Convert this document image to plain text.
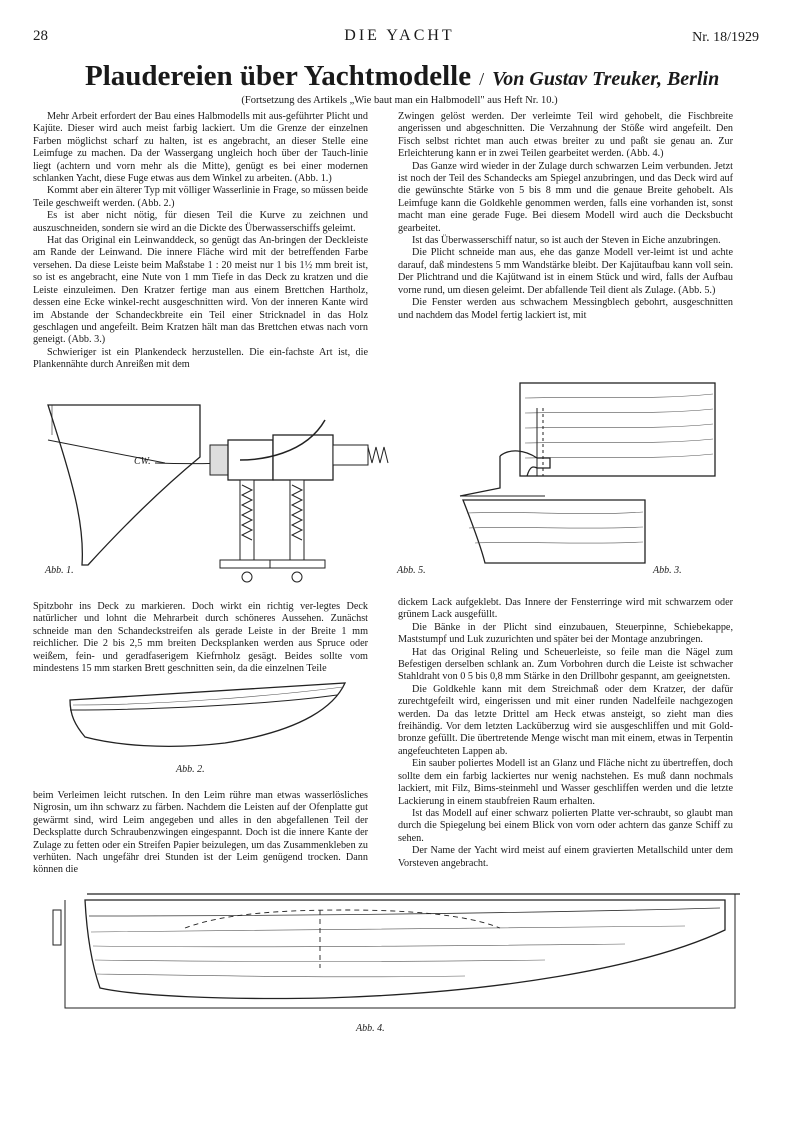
28	DIE YACHT	Nr. 18/1929
Plaudereien über Yachtmodelle / Von Gustav Treuker, Berlin
(Fortsetzung des Artikels „Wie baut man ein Halbmodell" aus Heft Nr. 10.)

Mehr Arbeit erfordert der Bau eines Halbmodells mit aus-geführter Plicht und Kajüte. Dieser wird auch meist farbig lackiert. Um die Grenze der einzelnen Farben möglichst scharf zu halten, ist es angebracht, an dieser Stelle eine Leimfuge zu machen. Da der Wassergang ungleich hoch über der Tauch-linie liegt (achtern und vorn mehr als die Mitte), genügt es bei einer modernen schlanken Yacht, diese Fuge etwas aus dem Winkel zu arbeiten. (Abb. 1.)

Kommt aber ein älterer Typ mit völliger Wasserlinie in Frage, so müssen beide Teile geschweift werden. (Abb. 2.)

Es ist aber nicht nötig, für diesen Teil die Kurve zu zeichnen und auszuschneiden, sondern sie wird an die Dickte des Überwasserschiffs geleimt.

Hat das Original ein Leinwanddeck, so genügt das An-bringen der Deckleiste am Rande der Leinwand. Die innere Fläche wird mit der betreffenden Farbe versehen. Da diese Leiste beim Maßstabe 1 : 20 meist nur 1 bis 1½ mm breit ist, so ist es angebracht, eine Nute von 1 mm Tiefe in das Deck zu kratzen und die Leiste einzuleimen. Den Kratzer fertige man aus einem Brettchen Hartholz, dessen eine Ecke winkel-recht ausgeschnitten wird. Von der inneren Kante wird im Abstande der Schandeckbreite ein Teil einer Stricknadel in das Holz geschlagen und angefeilt. Beim Kratzen hält man das Brettchen etwas nach vorn geneigt. (Abb. 3.)

Schwieriger ist ein Plankendeck herzustellen. Die ein-fachste Art ist, die Plankennähte durch Anreißen mit dem

Zwingen gelöst werden. Der verleimte Teil wird gehobelt, die Fischbreite angerissen und abgeschnitten. Die Verzahnung der Stöße wird angefeilt. Den Fisch selbst richtet man auch etwas breiter zu und paßt sie genau an. Zur Erleichterung kann er in zwei Teilen gearbeitet werden. (Abb. 4.)

Das Ganze wird wieder in der Zulage durch schwarzen Leim verbunden. Jetzt ist noch der Teil des Schandecks am Spiegel anzubringen, und das Deck wird auf die gewünschte Stärke von 5 bis 8 mm und die genaue Breite gehobelt. Als Leimfuge kann die Goldkehle genommen werden, falls eine vorhanden ist, sonst macht man eine gerade Fuge. Bei diesem Modell wird auch die Decksbucht gearbeitet.

Ist das Überwasserschiff natur, so ist auch der Steven in Eiche anzubringen.

Die Plicht schneide man aus, ehe das ganze Modell ver-leimt ist und achte darauf, daß mindestens 5 mm Wandstärke bleibt. Der Kajütaufbau kann voll sein. Der Plichtrand und die Kajütwand ist in einem Stück und wird, falls der Aufbau vorne rund, um diesen geleimt. Der abfallende Teil dient als Zulage. (Abb. 5.)

Die Fenster werden aus schwachem Messingblech gebohrt, ausgeschnitten und nachdem das Model fertig lackiert ist, mit

CW.
Abb. 1.	Abb. 5.	Abb. 3.

Spitzbohr ins Deck zu markieren. Doch wirkt ein richtig ver-legtes Deck natürlicher und lohnt die Mehrarbeit durch schöneres Aussehen. Zunächst schneide man den Schandeckstreifen als gerade Leiste in der Breite 1 mm reichlicher. Die 2 bis 2,5 mm breiten Decksplanken werden aus Spruce oder weißem, fein- und geradfaserigem Kiefrnholz gesägt. Beides sollte vom mindestens 15 mm starken Brett geschnitten sein, da die einzelnen Teile

Abb. 2.

dickem Lack aufgeklebt. Das Innere der Fensterringe wird mit schwarzem oder grünem Lack ausgefüllt.

Die Bänke in der Plicht sind einzubauen, Steuerpinne, Schiebekappe, Maststumpf und Luk zuzurichten und später bei der Montage anzubringen.

Hat das Original Reling und Scheuerleiste, so feile man die Nägel zum Befestigen derselben schlank an. Zum Vorbohren durch die Leiste ist schwacher Stahldraht von 0 5 bis 0,8 mm Stärke in den Drillbohr gespannt, am geeignetsten.

Die Goldkehle kann mit dem Streichmaß oder dem Kratzer, der dafür zurechtgefeilt wird, eingerissen und mit einer runden Nadelfeile nachgezogen werden. Da das letzte Drittel am Heck etwas ansteigt, so zieht man dies freihändig. Vor dem letzten Lacküberzug wird sie ausgeschliffen und mit Gold-bronze gefüllt. Die übertretende Menge wischt man mit einem, etwas in Terpentin angefeuchteten Lappen ab.

Ein sauber poliertes Modell ist an Glanz und Fläche nicht zu übertreffen, doch sollte dem ein farbig lackiertes nur wenig nachstehen. Es muß dann nochmals lackiert, mit Filz, Bims-steinmehl und Wasser geschliffen werden und die letzte Lackierung in einem staubfreien Raum erhalten.

Ist das Modell auf einer schwarz polierten Platte ver-schraubt, so glaubt man durch die Spiegelung bei einem Blick von vorn oder achtern das ganze Schiff zu sehen.

Der Name der Yacht wird meist auf einem gravierten Metallschild unter dem Vorsteven angebracht.

beim Verleimen leicht rutschen. In den Leim rühre man etwas wasserlösliches Nigrosin, um ihn schwarz zu färben. Nachdem die Leisten auf der Ofenplatte gut gewärmt sind, wird Leim angegeben und alles in den abgefallenen Teil der Decksplatte durch Schraubenzwingen eingespannt. Doch ist die innere Kante der Zulage zu fetten oder ein Streifen Papier beizulegen, um das Zusammenkleben zu verhüten. Nach ungefähr drei Stunden ist der Leim genügend trocken. Dann können die

Abb. 4.
